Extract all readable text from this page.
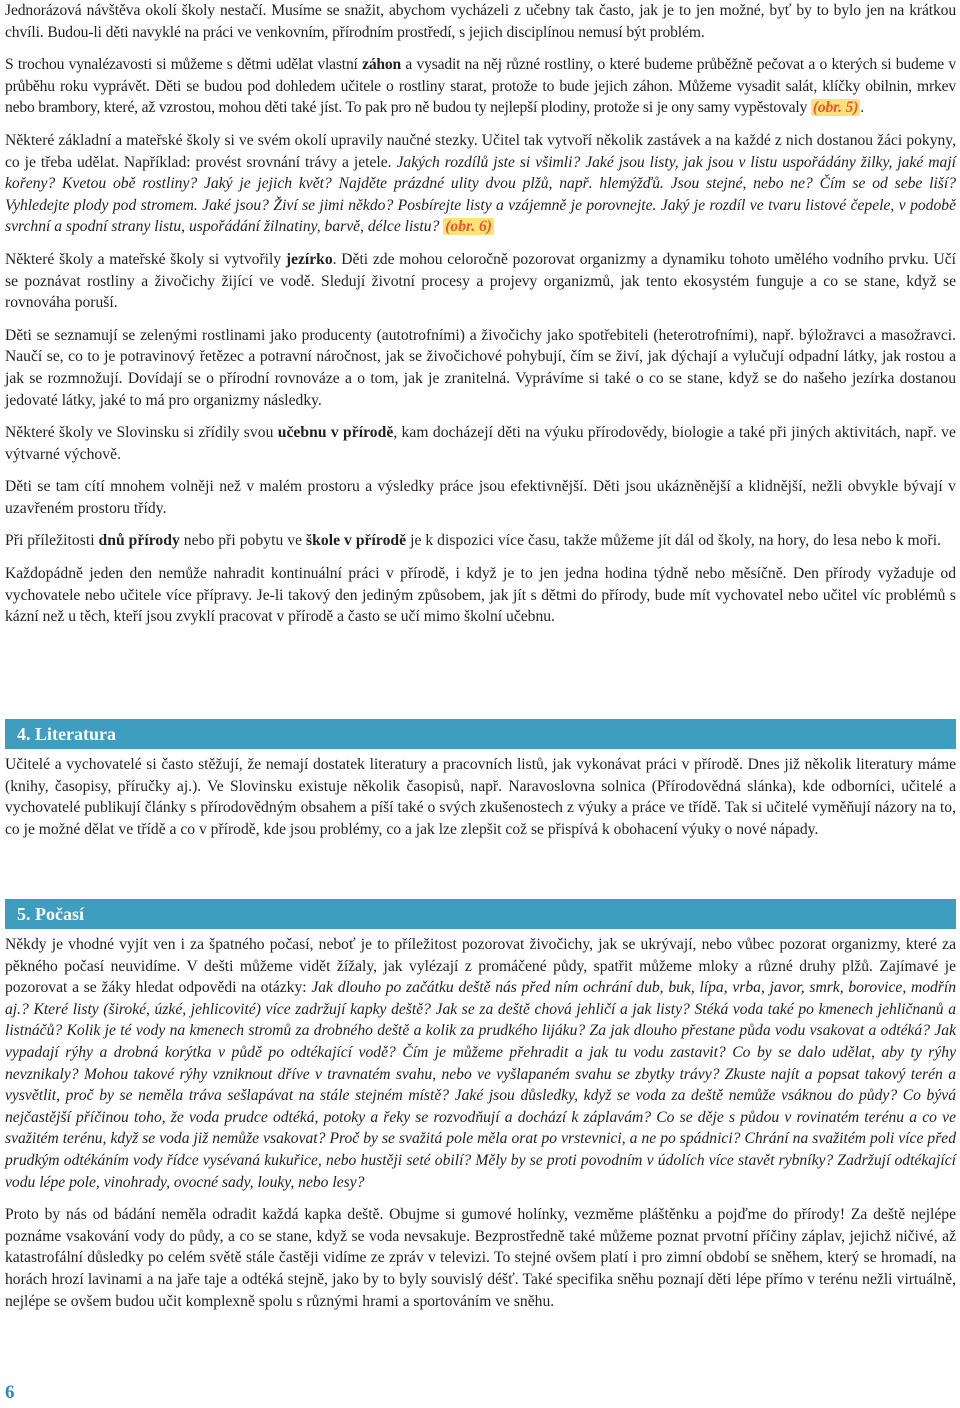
Jednorázová návštěva okolí školy nestačí. Musíme se snažit, abychom vycházeli z učebny tak často, jak je to jen možné, byť by to bylo jen na krátkou chvíli. Budou-li děti navyklé na práci ve venkovním, přírodním prostředí, s jejich disciplínou nemusí být problém.

S trochou vynalézavosti si můžeme s dětmi udělat vlastní záhon a vysadit na něj různé rostliny, o které budeme průběžně pečovat a o kterých si budeme v průběhu roku vyprávět. Děti se budou pod dohledem učitele o rostliny starat, protože to bude jejich záhon. Můžeme vysadit salát, klíčky obilnin, mrkev nebo brambory, které, až vzrostou, mohou děti také jíst. To pak pro ně budou ty nejlepší plodiny, protože si je ony samy vypěstovaly (obr. 5) .

Některé základní a mateřské školy si ve svém okolí upravily naučné stezky. Učitel tak vytvoří několik zastávek a na každé z nich dostanou žáci pokyny, co je třeba udělat. Například: provést srovnání trávy a jetele. Jakých rozdílů jste si všimli? Jaké jsou listy, jak jsou v listu uspořádány žilky, jaké mají kořeny? Kvetou obě rostliny? Jaký je jejich květ? Najděte prázdné ulity dvou plžů, např. hlemýžďů. Jsou stejné, nebo ne? Čím se od sebe liší? Vyhledejte plody pod stromem. Jaké jsou? Živí se jimi někdo? Posbírejte listy a vzájemně je porovnejte. Jaký je rozdíl ve tvaru listové čepele, v podobě svrchní a spodní strany listu, uspořádání žilnatiny, barvě, délce listu? (obr. 6)

Některé školy a mateřské školy si vytvořily jezírko. Děti zde mohou celoročně pozorovat organizmy a dynamiku tohoto umělého vodního prvku. Učí se poznávat rostliny a živočichy žijící ve vodě. Sledují životní procesy a projevy organizmů, jak tento ekosystém funguje a co se stane, když se rovnováha poruší.

Děti se seznamují se zelenými rostlinami jako producenty (autotrofními) a živočichy jako spotřebiteli (heterotrofními), např. býložravci a masožravci. Naučí se, co to je potravinový řetězec a potravní náročnost, jak se živočichové pohybují, čím se živí, jak dýchají a vylučují odpadní látky, jak rostou a jak se rozmnožují. Dovídají se o přírodní rovnováze a o tom, jak je zranitelná. Vyprávíme si také o co se stane, když se do našeho jezírka dostanou jedovaté látky, jaké to má pro organizmy následky.

Některé školy ve Slovinsku si zřídily svou učebnu v přírodě, kam docházejí děti na výuku přírodovědy, biologie a také při jiných aktivitách, např. ve výtvarné výchově.

Děti se tam cítí mnohem volněji než v malém prostoru a výsledky práce jsou efektivnější. Děti jsou ukázněnější a klidnější, nežli obvykle bývají v uzavřeném prostoru třídy.

Při příležitosti dnů přírody nebo při pobytu ve škole v přírodě je k dispozici více času, takže můžeme jít dál od školy, na hory, do lesa nebo k moři.

Každopádně jeden den nemůže nahradit kontinuální práci v přírodě, i když je to jen jedna hodina týdně nebo měsíčně. Den přírody vyžaduje od vychovatele nebo učitele více přípravy. Je-li takový den jediným způsobem, jak jít s dětmi do přírody, bude mít vychovatel nebo učitel víc problémů s kázní než u těch, kteří jsou zvyklí pracovat v přírodě a často se učí mimo školní učebnu.

4. Literatura

Učitelé a vychovatelé si často stěžují, že nemají dostatek literatury a pracovních listů, jak vykonávat práci v přírodě. Dnes již několik literatury máme (knihy, časopisy, příručky aj.). Ve Slovinsku existuje několik časopisů, např. Naravoslovna solnica (Přírodovědná slánka), kde odborníci, učitelé a vychovatelé publikují články s přírodovědným obsahem a píší také o svých zkušenostech z výuky a práce ve třídě. Tak si učitelé vyměňují názory na to, co je možné dělat ve třídě a co v přírodě, kde jsou problémy, co a jak lze zlepšit což se přispívá k obohacení výuky o nové nápady.

5. Počasí

Někdy je vhodné vyjít ven i za špatného počasí, neboť je to příležitost pozorovat živočichy, jak se ukrývají, nebo vůbec pozorat organizmy, které za pěkného počasí neuvidíme. V dešti můžeme vidět žížaly, jak vylézají z promáčené půdy, spatřit můžeme mloky a různé druhy plžů. Zajímavé je pozorovat a se žáky hledat odpovědi na otázky: Jak dlouho po začátku deště nás před ním ochrání dub, buk, lípa, vrba, javor, smrk, borovice, modřín aj.? Které listy (široké, úzké, jehlicovité) více zadržují kapky deště? Jak se za deště chová jehličí a jak listy? Stéká voda také po kmenech jehličnanů a listnáčů? Kolik je té vody na kmenech stromů za drobného deště a kolik za prudkého lijáku? Za jak dlouho přestane půda vodu vsakovat a odtéká? Jak vypadají rýhy a drobná korýtka v půdě po odtékající vodě? Čím je můžeme přehradit a jak tu vodu zastavit? Co by se dalo udělat, aby ty rýhy nevznikaly? Mohou takové rýhy vzniknout dříve v travnatém svahu, nebo ve vyšlapaném svahu se zbytky trávy? Zkuste najít a popsat takový terén a vysvětlit, proč by se neměla tráva sešlapávat na stále stejném místě? Jaké jsou důsledky, když se voda za deště nemůže vsáknou do půdy? Co bývá nejčastější příčinou toho, že voda prudce odtéká, potoky a řeky se rozvodňují a dochází k záplavám? Co se děje s půdou v rovinatém terénu a co ve svažitém terénu, když se voda již nemůže vsakovat? Proč by se svažitá pole měla orat po vrstevnici, a ne po spádnici? Chrání na svažitém poli více před prudkým odtékáním vody řídce vysévaná kukuřice, nebo hustěji seté obilí? Měly by se proti povodním v údolích více stavět rybníky? Zadržují odtékající vodu lépe pole, vinohrady, ovocné sady, louky, nebo lesy?

Proto by nás od bádání neměla odradit každá kapka deště. Obujme si gumové holínky, vezměme pláštěnku a pojďme do přírody! Za deště nejlépe poznáme vsakování vody do půdy, a co se stane, když se voda nevsakuje. Bezprostředně také můžeme poznat prvotní příčiny záplav, jejichž ničivé, až katastrofální důsledky po celém světě stále častěji vidíme ze zpráv v televizi. To stejné ovšem platí i pro zimní období se sněhem, který se hromadí, na horách hrozí lavinami a na jaře taje a odtéká stejně, jako by to byly souvislý déšť. Také specifika sněhu poznají děti lépe přímo v terénu nežli virtuálně, nejlépe se ovšem budou učit komplexně spolu s různými hrami a sportováním ve sněhu.

6
